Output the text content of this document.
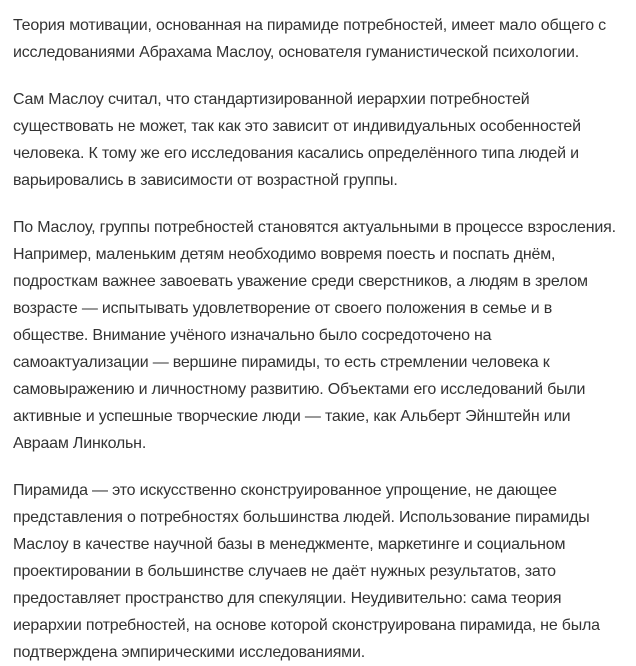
Теория мотивации, основанная на пирамиде потребностей, имеет мало общего с исследованиями Абрахама Маслоу, основателя гуманистической психологии.

Сам Маслоу считал, что стандартизированной иерархии потребностей существовать не может, так как это зависит от индивидуальных особенностей человека. К тому же его исследования касались определённого типа людей и варьировались в зависимости от возрастной группы.

По Маслоу, группы потребностей становятся актуальными в процессе взросления. Например, маленьким детям необходимо вовремя поесть и поспать днём, подросткам важнее завоевать уважение среди сверстников, а людям в зрелом возрасте — испытывать удовлетворение от своего положения в семье и в обществе. Внимание учёного изначально было сосредоточено на самоактуализации — вершине пирамиды, то есть стремлении человека к самовыражению и личностному развитию. Объектами его исследований были активные и успешные творческие люди — такие, как Альберт Эйнштейн или Авраам Линкольн.

Пирамида — это искусственно сконструированное упрощение, не дающее представления о потребностях большинства людей. Использование пирамиды Маслоу в качестве научной базы в менеджменте, маркетинге и социальном проектировании в большинстве случаев не даёт нужных результатов, зато предоставляет пространство для спекуляции. Неудивительно: сама теория иерархии потребностей, на основе которой сконструирована пирамида, не была подтверждена эмпирическими исследованиями.
